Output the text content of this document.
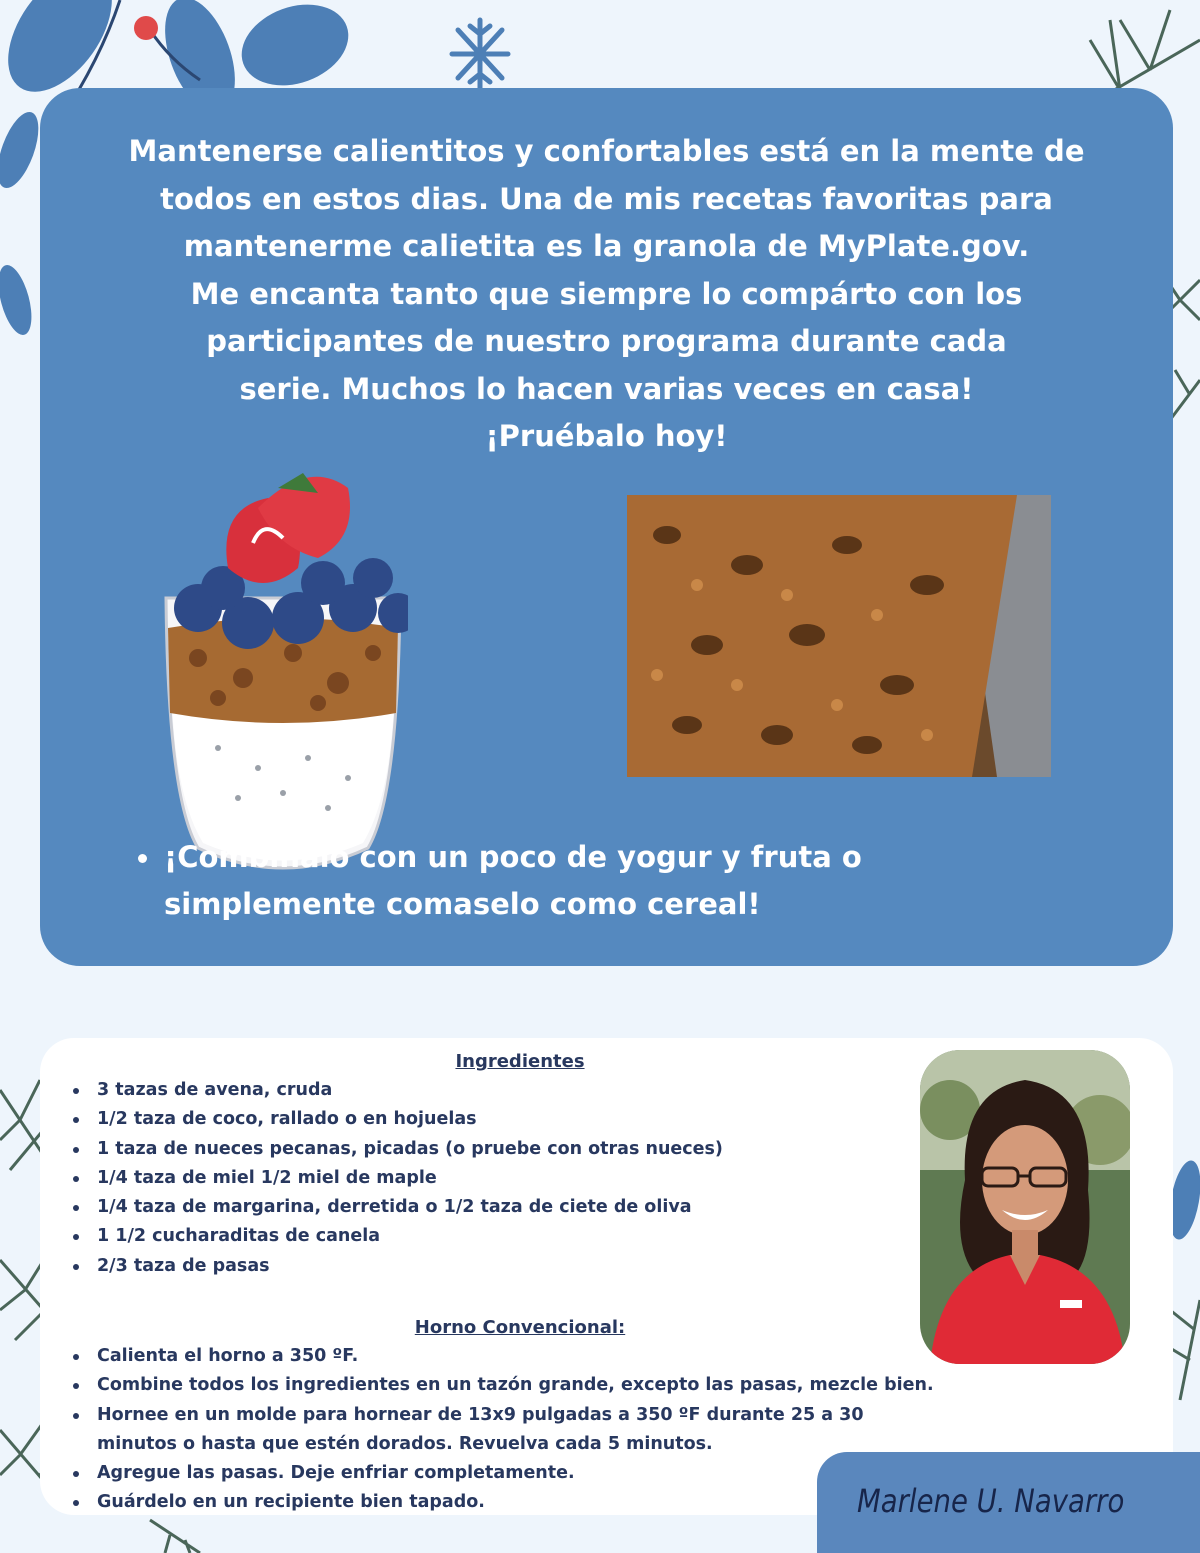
Mantenerse calientitos y confortables está en la mente de
todos en estos dias. Una de mis recetas favoritas para
mantenerme calietita es la granola de MyPlate.gov.
Me encanta tanto que siempre lo compárto con los
participantes de nuestro programa durante cada
serie. Muchos lo hacen varias veces en casa!
¡Pruébalo hoy!

¡Combínalo con un poco de yogur y fruta o
simplemente comaselo como cereal!
Ingredientes
3 tazas de avena, cruda
1/2 taza de coco, rallado o en hojuelas
1 taza de nueces pecanas, picadas (o pruebe con otras nueces)
1/4 taza de miel 1/2 miel de maple
1/4 taza de margarina, derretida o 1/2 taza de ciete de oliva
1 1/2 cucharaditas de canela
2/3 taza de pasas
Horno Convencional:
Calienta el horno a 350 ºF.
Combine todos los ingredientes en un tazón grande, excepto las pasas, mezcle bien.
Hornee en un molde para hornear de 13x9 pulgadas a 350 ºF durante 25 a 30
minutos o hasta que estén dorados. Revuelva cada 5 minutos.
Agregue las pasas. Deje enfriar completamente.
Guárdelo en un recipiente bien tapado.	Marlene U. Navarro
